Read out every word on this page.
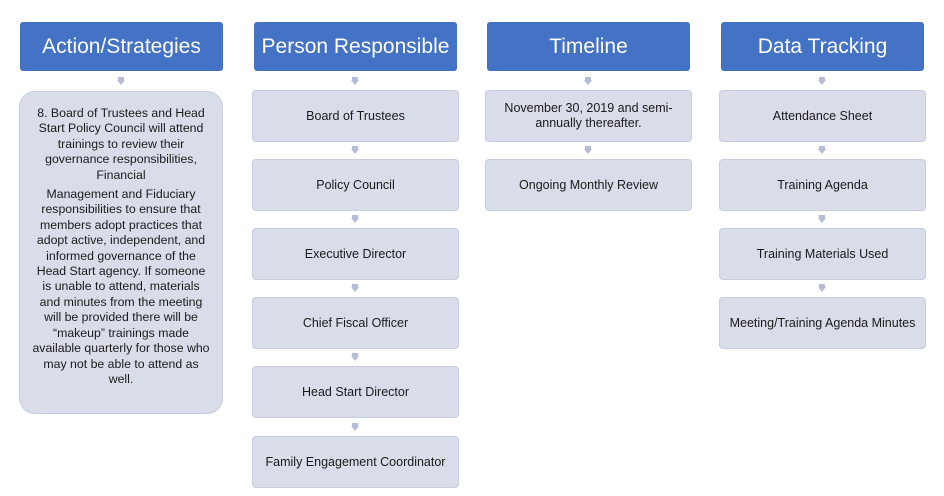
Action/Strategies

8. Board of Trustees and Head Start Policy Council will attend trainings to review their governance responsibilities, Financial

Management and Fiduciary responsibilities to ensure that members adopt practices that adopt active, independent, and informed governance of the Head Start agency. If someone is unable to attend, materials and minutes from the meeting will be provided there will be “makeup” trainings made available quarterly for those who may not be able to attend as well.

Person Responsible
Board of Trustees
Policy Council
Executive Director
Chief Fiscal Officer
Head Start Director
Family Engagement Coordinator
Timeline
November 30, 2019 and semi-annually thereafter.
Ongoing Monthly Review
Data Tracking
Attendance Sheet
Training Agenda
Training Materials Used
Meeting/Training Agenda Minutes
